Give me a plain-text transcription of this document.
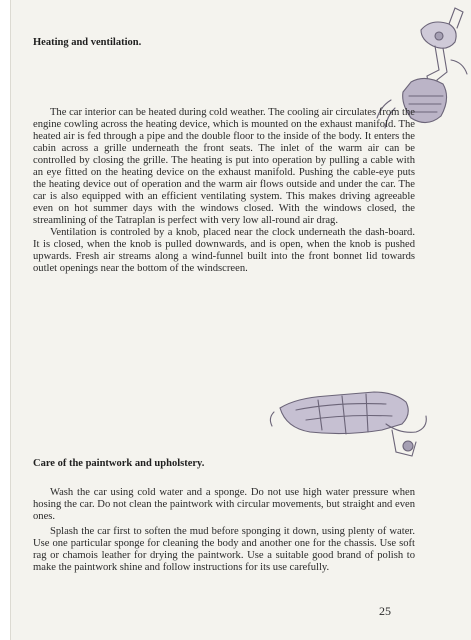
Heating and ventilation.

The car interior can be heated during cold weather. The cooling air circulates from the engine cowling across the heating device, which is mounted on the exhaust manifold. The heated air is fed through a pipe and the double floor to the inside of the body. It enters the cabin across a grille underneath the front seats. The inlet of the warm air can be controlled by closing the grille. The heating is put into operation by pulling a cable with an eye fitted on the heating device on the exhaust manifold. Pushing the cable-eye puts the heating device out of operation and the warm air flows outside and under the car. The car is also equipped with an efficient ventilating system. This makes driving agreeable even on hot summer days with the windows closed. With the windows closed, the streamlining of the Tatraplan is perfect with very low all-round air drag.

Ventilation is controled by a knob, placed near the clock underneath the dash-board. It is closed, when the knob is pulled downwards, and is open, when the knob is pushed upwards. Fresh air streams along a wind-funnel built into the front bonnet lid towards outlet openings near the bottom of the windscreen.

Care of the paintwork and upholstery.

Wash the car using cold water and a sponge. Do not use high water pressure when hosing the car. Do not clean the paintwork with circular movements, but straight and even ones.

Splash the car first to soften the mud before sponging it down, using plenty of water. Use one particular sponge for cleaning the body and another one for the chassis. Use soft rag or chamois leather for drying the paintwork. Use a suitable good brand of polish to make the paintwork shine and follow instructions for its use carefully.

25
